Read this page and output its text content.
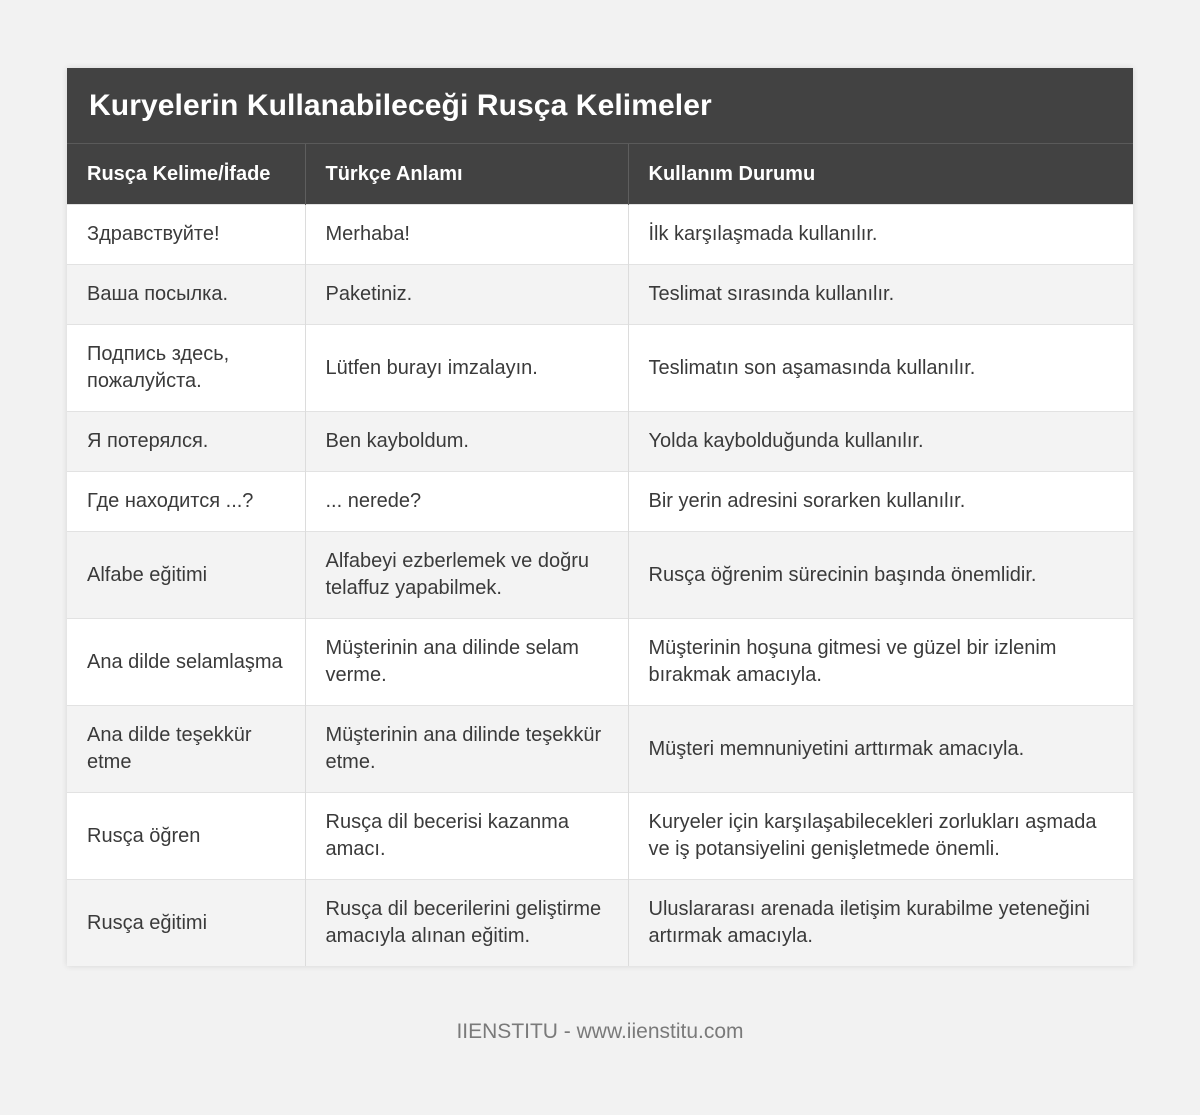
Kuryelerin Kullanabileceği Rusça Kelimeler
Rusça Kelime/İfade	Türkçe Anlamı	Kullanım Durumu
Здравствуйте!	Merhaba!	İlk karşılaşmada kullanılır.
Ваша посылка.	Paketiniz.	Teslimat sırasında kullanılır.
Подпись здесь, пожалуйста.	Lütfen burayı imzalayın.	Teslimatın son aşamasında kullanılır.
Я потерялся.	Ben kayboldum.	Yolda kaybolduğunda kullanılır.
Где находится ...?	... nerede?	Bir yerin adresini sorarken kullanılır.
Alfabe eğitimi	Alfabeyi ezberlemek ve doğru telaffuz yapabilmek.	Rusça öğrenim sürecinin başında önemlidir.
Ana dilde selamlaşma	Müşterinin ana dilinde selam verme.	Müşterinin hoşuna gitmesi ve güzel bir izlenim bırakmak amacıyla.
Ana dilde teşekkür etme	Müşterinin ana dilinde teşekkür etme.	Müşteri memnuniyetini arttırmak amacıyla.
Rusça öğren	Rusça dil becerisi kazanma amacı.	Kuryeler için karşılaşabilecekleri zorlukları aşmada ve iş potansiyelini genişletmede önemli.
Rusça eğitimi	Rusça dil becerilerini geliştirme amacıyla alınan eğitim.	Uluslararası arenada iletişim kurabilme yeteneğini artırmak amacıyla.
IIENSTITU - www.iienstitu.com
